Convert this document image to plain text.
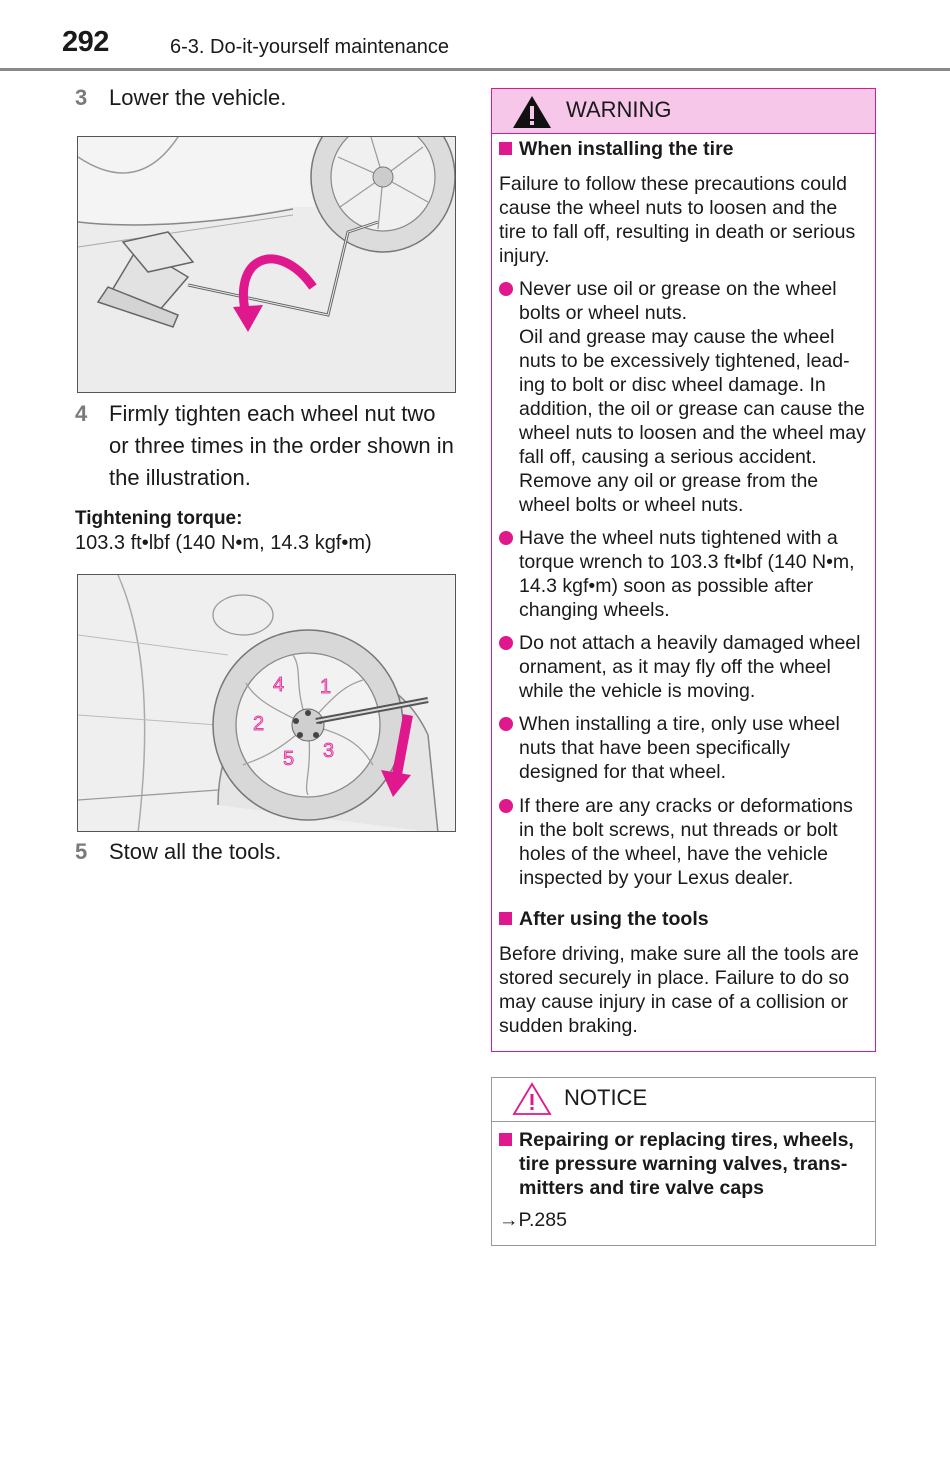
292	6-3. Do-it-yourself maintenance
3 Lower the vehicle.
4 Firmly tighten each wheel nut two or three times in the order shown in the illustration.
Tightening torque:
103.3 ft•lbf (140 N•m, 14.3 kgf•m)
1
2
3
4
5
5 Stow all the tools.
WARNING
When installing the tire
Failure to follow these precautions could cause the wheel nuts to loosen and the tire to fall off, resulting in death or serious injury.
Never use oil or grease on the wheel bolts or wheel nuts.
Oil and grease may cause the wheel nuts to be excessively tightened, lead-ing to bolt or disc wheel damage. In addition, the oil or grease can cause the wheel nuts to loosen and the wheel may fall off, causing a serious accident. Remove any oil or grease from the wheel bolts or wheel nuts.
Have the wheel nuts tightened with a torque wrench to 103.3 ft•lbf (140 N•m, 14.3 kgf•m) soon as possible after changing wheels.
Do not attach a heavily damaged wheel ornament, as it may fly off the wheel while the vehicle is moving.
When installing a tire, only use wheel nuts that have been specifically designed for that wheel.
If there are any cracks or deformations in the bolt screws, nut threads or bolt holes of the wheel, have the vehicle inspected by your Lexus dealer.
After using the tools
Before driving, make sure all the tools are stored securely in place. Failure to do so may cause injury in case of a collision or sudden braking.
NOTICE
Repairing or replacing tires, wheels, tire pressure warning valves, trans-mitters and tire valve caps
→P.285
